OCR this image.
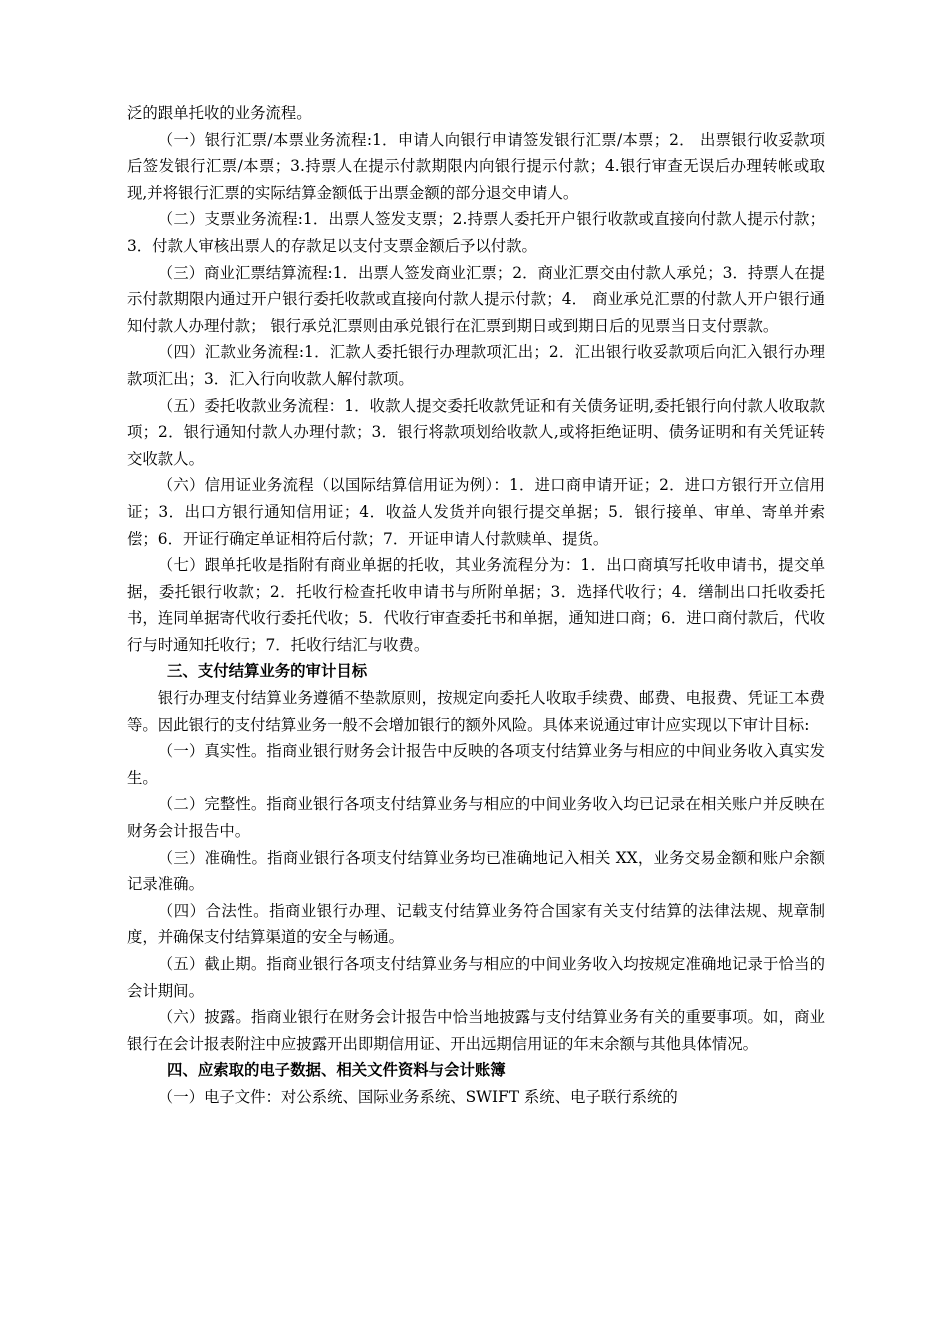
泛的跟单托收的业务流程。

（一）银行汇票/本票业务流程:1．申请人向银行申请签发银行汇票/本票；2． 出票银行收妥款项后签发银行汇票/本票；3.持票人在提示付款期限内向银行提示付款；4.银行审查无误后办理转帐或取现,并将银行汇票的实际结算金额低于出票金额的部分退交申请人。

（二）支票业务流程:1．出票人签发支票；2.持票人委托开户银行收款或直接向付款人提示付款；3．付款人审核出票人的存款足以支付支票金额后予以付款。

（三）商业汇票结算流程:1．出票人签发商业汇票；2．商业汇票交由付款人承兑；3．持票人在提示付款期限内通过开户银行委托收款或直接向付款人提示付款；4． 商业承兑汇票的付款人开户银行通知付款人办理付款； 银行承兑汇票则由承兑银行在汇票到期日或到期日后的见票当日支付票款。

（四）汇款业务流程:1．汇款人委托银行办理款项汇出；2．汇出银行收妥款项后向汇入银行办理款项汇出；3．汇入行向收款人解付款项。

（五）委托收款业务流程：1．收款人提交委托收款凭证和有关债务证明,委托银行向付款人收取款项；2．银行通知付款人办理付款；3．银行将款项划给收款人,或将拒绝证明、债务证明和有关凭证转交收款人。

（六）信用证业务流程（以国际结算信用证为例）：1．进口商申请开证；2．进口方银行开立信用证；3．出口方银行通知信用证；4．收益人发货并向银行提交单据；5．银行接单、审单、寄单并索偿；6．开证行确定单证相符后付款；7．开证申请人付款赎单、提货。

（七）跟单托收是指附有商业单据的托收，其业务流程分为：1．出口商填写托收申请书，提交单据，委托银行收款；2．托收行检查托收申请书与所附单据；3．选择代收行；4．缮制出口托收委托书，连同单据寄代收行委托代收；5．代收行审查委托书和单据，通知进口商；6．进口商付款后，代收行与时通知托收行；7．托收行结汇与收费。

三、支付结算业务的审计目标

银行办理支付结算业务遵循不垫款原则，按规定向委托人收取手续费、邮费、电报费、凭证工本费等。因此银行的支付结算业务一般不会增加银行的额外风险。具体来说通过审计应实现以下审计目标:

（一）真实性。指商业银行财务会计报告中反映的各项支付结算业务与相应的中间业务收入真实发生。

（二）完整性。指商业银行各项支付结算业务与相应的中间业务收入均已记录在相关账户并反映在财务会计报告中。

（三）准确性。指商业银行各项支付结算业务均已准确地记入相关 XX，业务交易金额和账户余额记录准确。

（四）合法性。指商业银行办理、记载支付结算业务符合国家有关支付结算的法律法规、规章制度，并确保支付结算渠道的安全与畅通。

（五）截止期。指商业银行各项支付结算业务与相应的中间业务收入均按规定准确地记录于恰当的会计期间。

（六）披露。指商业银行在财务会计报告中恰当地披露与支付结算业务有关的重要事项。如，商业银行在会计报表附注中应披露开出即期信用证、开出远期信用证的年末余额与其他具体情况。

四、应索取的电子数据、相关文件资料与会计账簿

（一）电子文件：对公系统、国际业务系统、SWIFT 系统、电子联行系统的
